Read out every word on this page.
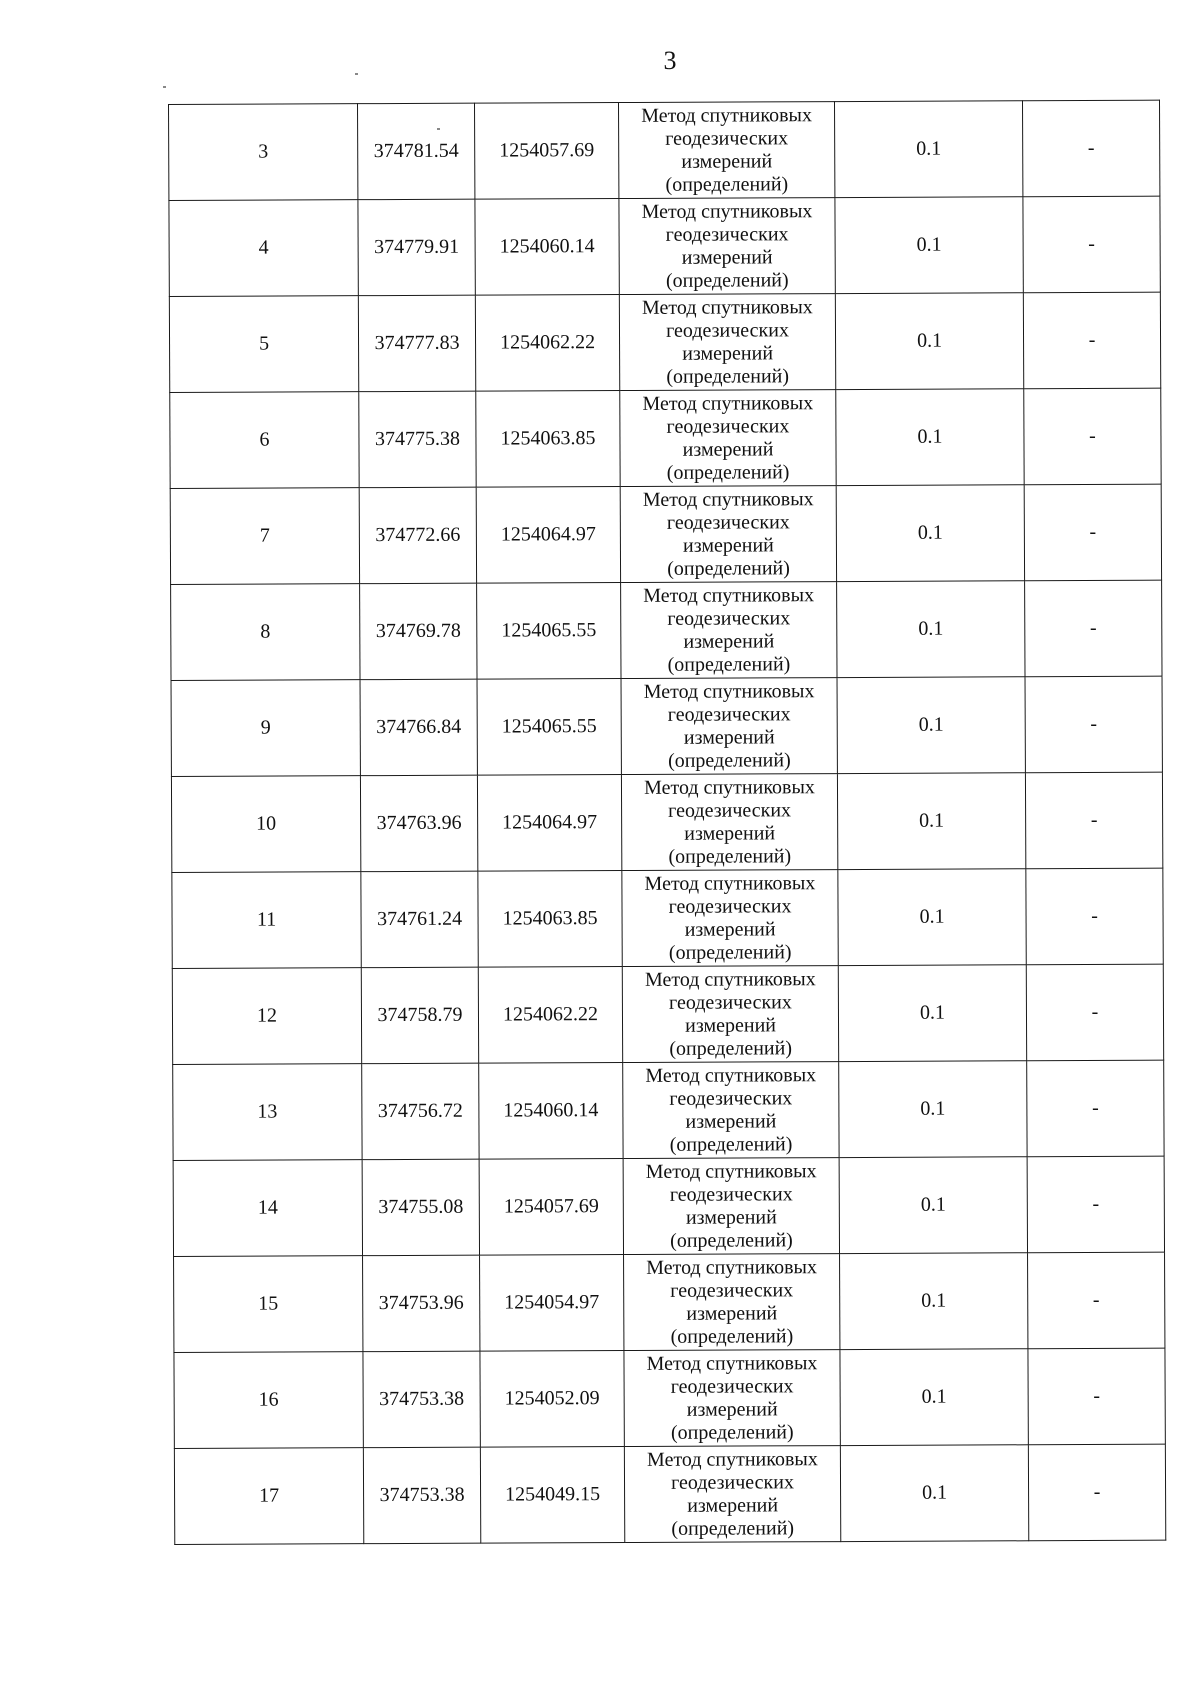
3
3	374781.54	1254057.69	Метод спутниковых
геодезических
измерений
(определений)	0.1	-
4	374779.91	1254060.14	Метод спутниковых
геодезических
измерений
(определений)	0.1	-
5	374777.83	1254062.22	Метод спутниковых
геодезических
измерений
(определений)	0.1	-
6	374775.38	1254063.85	Метод спутниковых
геодезических
измерений
(определений)	0.1	-
7	374772.66	1254064.97	Метод спутниковых
геодезических
измерений
(определений)	0.1	-
8	374769.78	1254065.55	Метод спутниковых
геодезических
измерений
(определений)	0.1	-
9	374766.84	1254065.55	Метод спутниковых
геодезических
измерений
(определений)	0.1	-
10	374763.96	1254064.97	Метод спутниковых
геодезических
измерений
(определений)	0.1	-
11	374761.24	1254063.85	Метод спутниковых
геодезических
измерений
(определений)	0.1	-
12	374758.79	1254062.22	Метод спутниковых
геодезических
измерений
(определений)	0.1	-
13	374756.72	1254060.14	Метод спутниковых
геодезических
измерений
(определений)	0.1	-
14	374755.08	1254057.69	Метод спутниковых
геодезических
измерений
(определений)	0.1	-
15	374753.96	1254054.97	Метод спутниковых
геодезических
измерений
(определений)	0.1	-
16	374753.38	1254052.09	Метод спутниковых
геодезических
измерений
(определений)	0.1	-
17	374753.38	1254049.15	Метод спутниковых
геодезических
измерений
(определений)	0.1	-
